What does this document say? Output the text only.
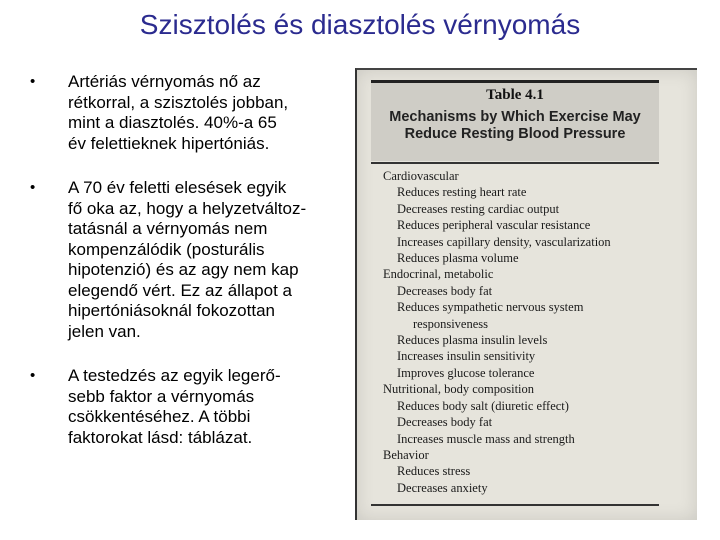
Szisztolés és diasztolés vérnyomás
•	Artériás vérnyomás nő az
rétkorral, a szisztolés jobban,
mint a diasztolés. 40%-a 65
év felettieknek hipertóniás.
•	A 70 év feletti elesések egyik
fő oka az, hogy a helyzetváltoz-
tatásnál a vérnyomás nem
kompenzálódik (posturális
hipotenzió) és az agy nem kap
elegendő vért. Ez az állapot a
hipertóniásoknál fokozottan
jelen van.
•	A testedzés az egyik legerő-
sebb faktor a vérnyomás
csökkentéséhez. A többi
faktorokat lásd: táblázat.
Table 4.1
Mechanisms by Which Exercise May
Reduce Resting Blood Pressure
Cardiovascular
Reduces resting heart rate
Decreases resting cardiac output
Reduces peripheral vascular resistance
Increases capillary density, vascularization
Reduces plasma volume
Endocrinal, metabolic
Decreases body fat
Reduces sympathetic nervous system
responsiveness
Reduces plasma insulin levels
Increases insulin sensitivity
Improves glucose tolerance
Nutritional, body composition
Reduces body salt (diuretic effect)
Decreases body fat
Increases muscle mass and strength
Behavior
Reduces stress
Decreases anxiety
